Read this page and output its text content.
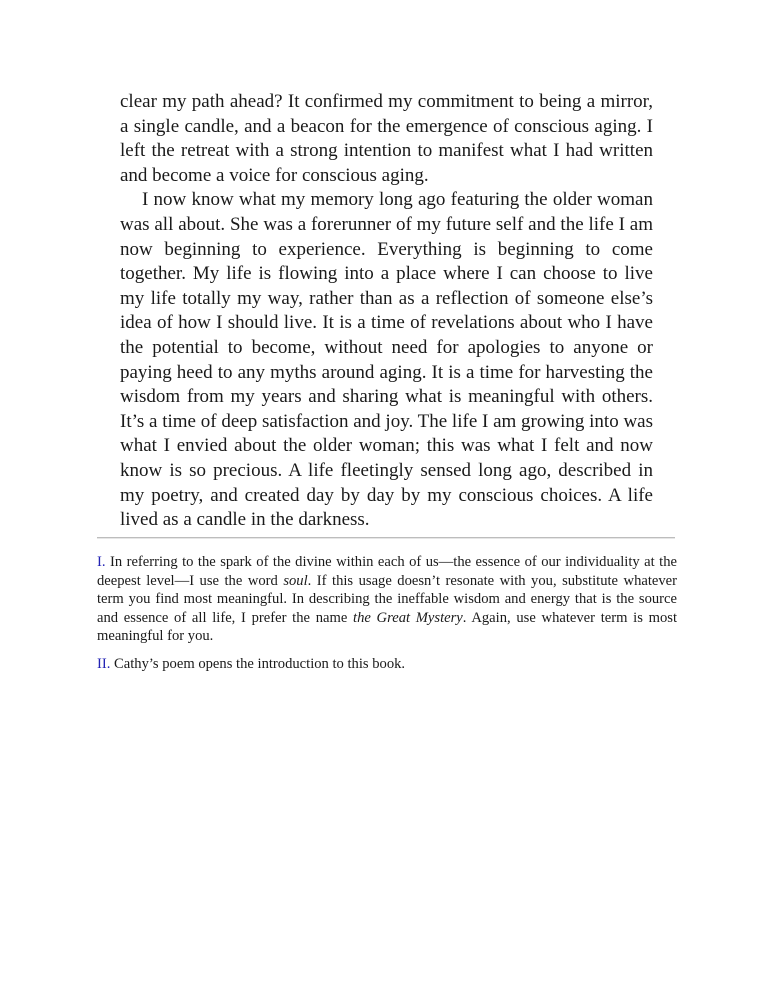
clear my path ahead? It confirmed my commitment to being a mirror, a single candle, and a beacon for the emergence of conscious aging. I left the retreat with a strong intention to manifest what I had written and become a voice for conscious aging.

I now know what my memory long ago featuring the older woman was all about. She was a forerunner of my future self and the life I am now beginning to experience. Everything is beginning to come together. My life is flowing into a place where I can choose to live my life totally my way, rather than as a reflection of someone else’s idea of how I should live. It is a time of revelations about who I have the potential to become, without need for apologies to anyone or paying heed to any myths around aging. It is a time for harvesting the wisdom from my years and sharing what is meaningful with others. It’s a time of deep satisfaction and joy. The life I am growing into was what I envied about the older woman; this was what I felt and now know is so precious. A life fleetingly sensed long ago, described in my poetry, and created day by day by my conscious choices. A life lived as a candle in the darkness.

I. In referring to the spark of the divine within each of us—the essence of our individuality at the deepest level—I use the word soul. If this usage doesn’t resonate with you, substitute whatever term you find most meaningful. In describing the ineffable wisdom and energy that is the source and essence of all life, I prefer the name the Great Mystery. Again, use whatever term is most meaningful for you.

II. Cathy’s poem opens the introduction to this book.
